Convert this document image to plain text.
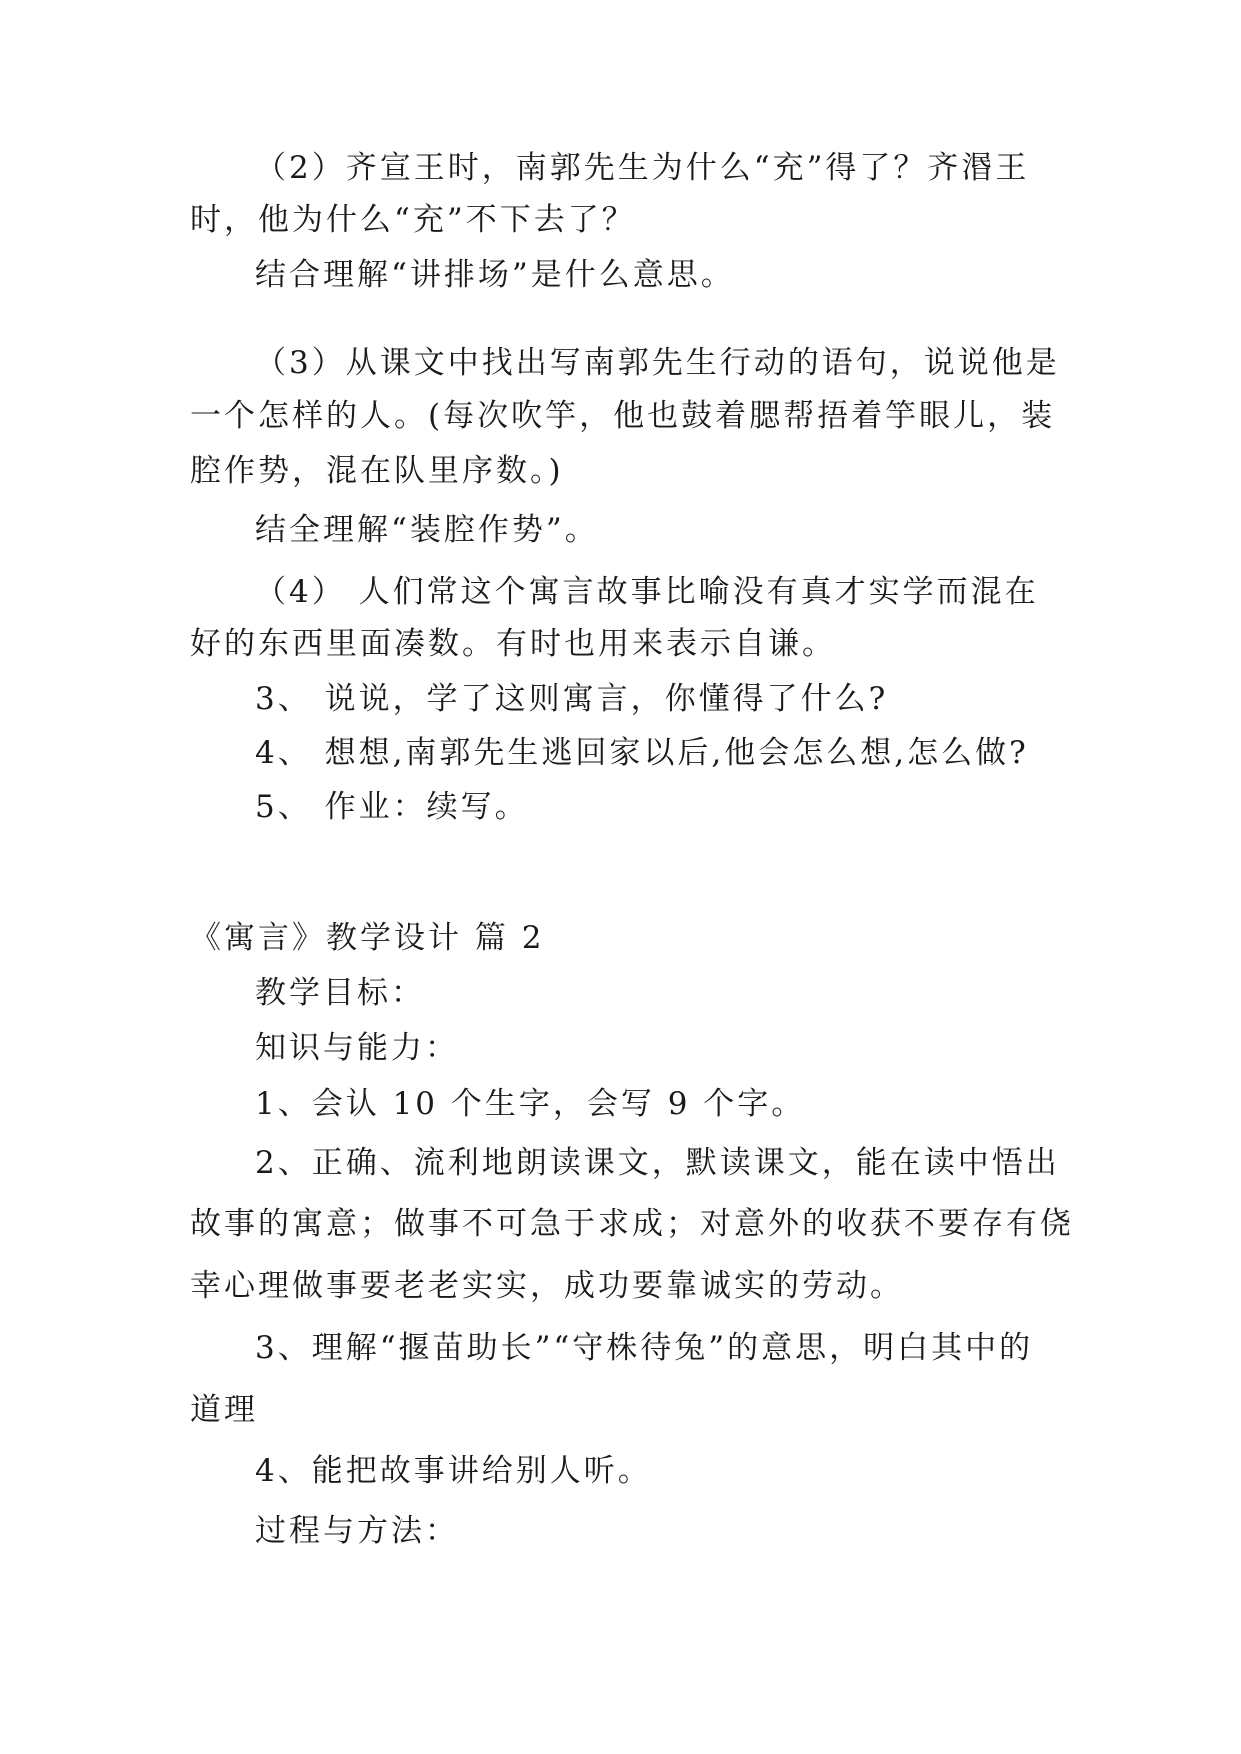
（2）齐宣王时，南郭先生为什么“充”得了？齐湣王
时，他为什么“充”不下去了？
结合理解“讲排场”是什么意思。
（3）从课文中找出写南郭先生行动的语句，说说他是
一个怎样的人。(每次吹竽，他也鼓着腮帮捂着竽眼儿，装
腔作势，混在队里序数。)
结全理解“装腔作势”。
（4） 人们常这个寓言故事比喻没有真才实学而混在
好的东西里面凑数。有时也用来表示自谦。
3、 说说，学了这则寓言，你懂得了什么?
4、 想想,南郭先生逃回家以后,他会怎么想,怎么做?
5、 作业：续写。
《寓言》教学设计 篇 2
教学目标：
知识与能力：
1、会认 10 个生字，会写 9 个字。
2、正确、流利地朗读课文，默读课文，能在读中悟出
故事的寓意；做事不可急于求成；对意外的收获不要存有侥
幸心理做事要老老实实，成功要靠诚实的劳动。
3、理解“揠苗助长”“守株待兔”的意思，明白其中的
道理
4、能把故事讲给别人听。
过程与方法：
